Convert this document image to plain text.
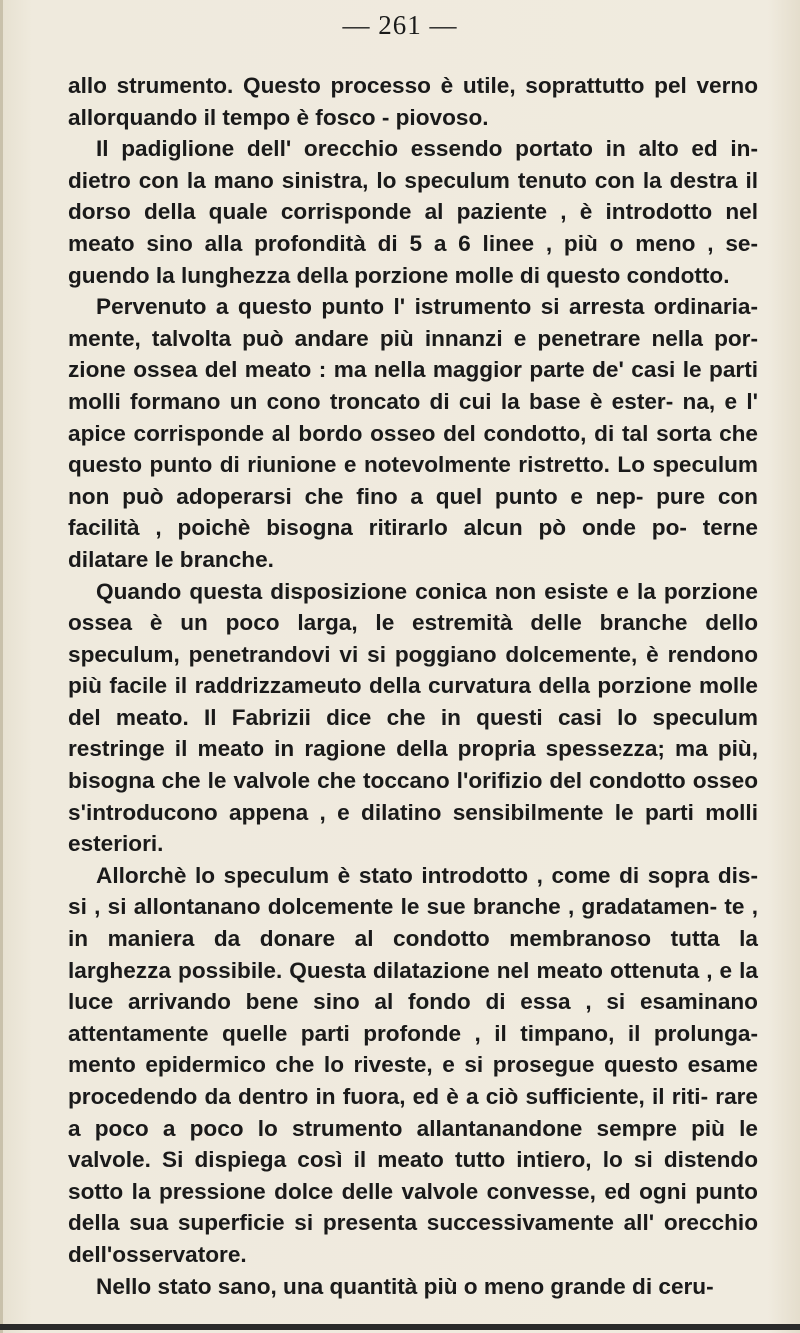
— 261 —

allo strumento. Questo processo è utile, soprattutto pel verno allorquando il tempo è fosco - piovoso.

Il padiglione dell' orecchio essendo portato in alto ed in- dietro con la mano sinistra, lo speculum tenuto con la destra il dorso della quale corrisponde al paziente , è introdotto nel meato sino alla profondità di 5 a 6 linee , più o meno , se- guendo la lunghezza della porzione molle di questo condotto.

Pervenuto a questo punto l' istrumento si arresta ordinaria- mente, talvolta può andare più innanzi e penetrare nella por- zione ossea del meato : ma nella maggior parte de' casi le parti molli formano un cono troncato di cui la base è ester- na, e l' apice corrisponde al bordo osseo del condotto, di tal sorta che questo punto di riunione e notevolmente ristretto. Lo speculum non può adoperarsi che fino a quel punto e nep- pure con facilità , poichè bisogna ritirarlo alcun pò onde po- terne dilatare le branche.

Quando questa disposizione conica non esiste e la porzione ossea è un poco larga, le estremità delle branche dello speculum, penetrandovi vi si poggiano dolcemente, è rendono più facile il raddrizzameuto della curvatura della porzione molle del meato. Il Fabrizii dice che in questi casi lo speculum restringe il meato in ragione della propria spessezza; ma più, bisogna che le valvole che toccano l'orifizio del condotto osseo s'introducono appena , e dilatino sensibilmente le parti molli esteriori.

Allorchè lo speculum è stato introdotto , come di sopra dis- si , si allontanano dolcemente le sue branche , gradatamen- te , in maniera da donare al condotto membranoso tutta la larghezza possibile. Questa dilatazione nel meato ottenuta , e la luce arrivando bene sino al fondo di essa , si esaminano attentamente quelle parti profonde , il timpano, il prolunga- mento epidermico che lo riveste, e si prosegue questo esame procedendo da dentro in fuora, ed è a ciò sufficiente, il riti- rare a poco a poco lo strumento allantanandone sempre più le valvole. Si dispiega così il meato tutto intiero, lo si distendo sotto la pressione dolce delle valvole convesse, ed ogni punto della sua superficie si presenta successivamente all' orecchio dell'osservatore.

Nello stato sano, una quantità più o meno grande di ceru-
